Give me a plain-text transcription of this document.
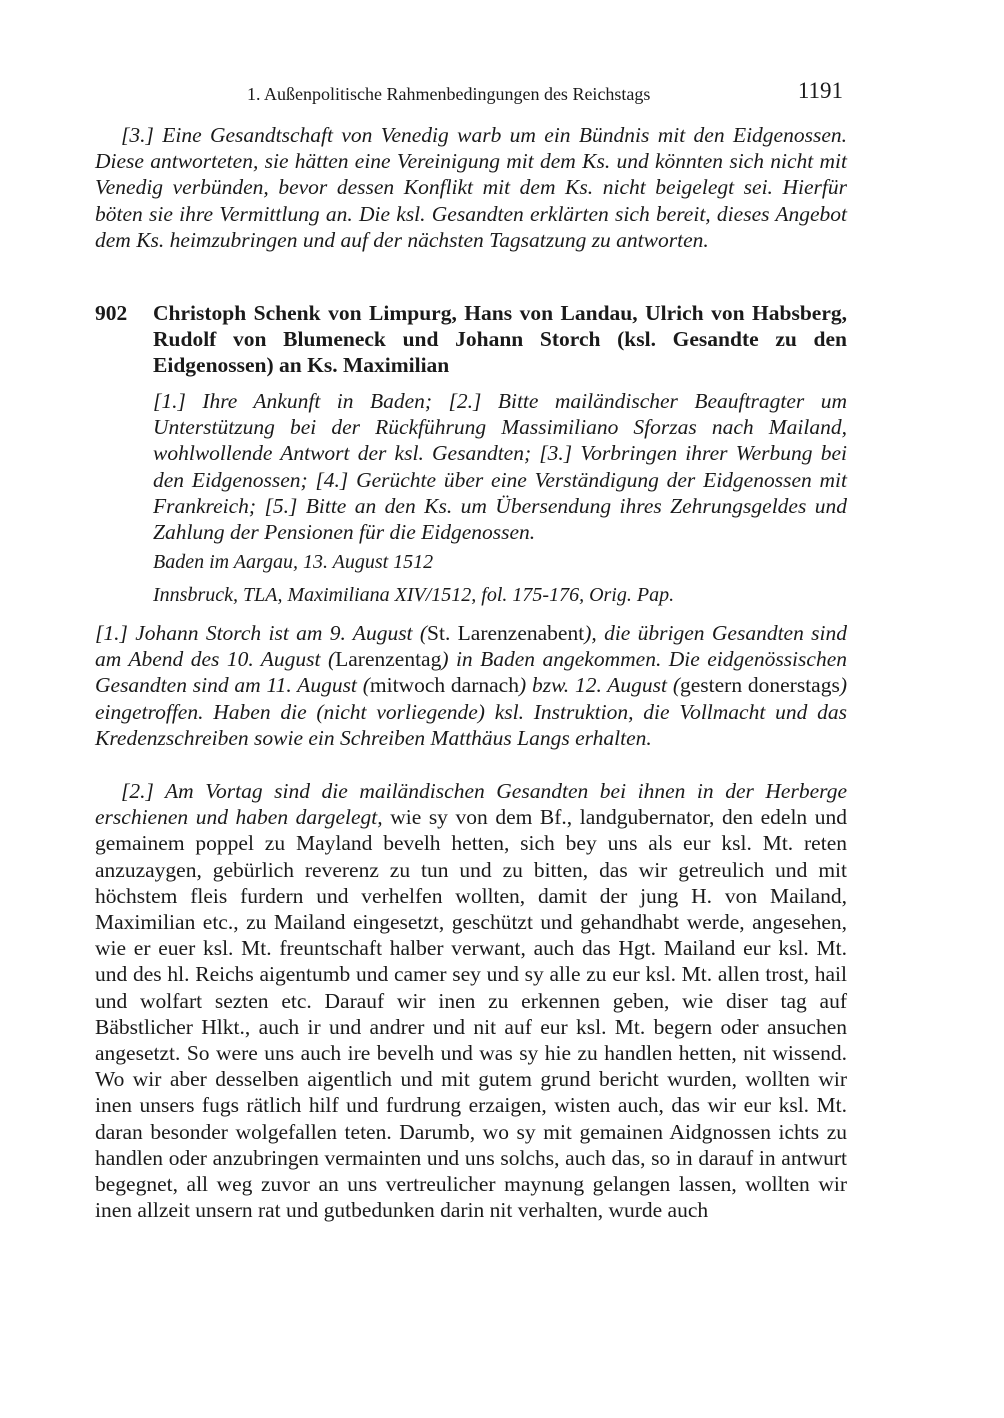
1. Außenpolitische Rahmenbedingungen des Reichstags	1191

[3.] Eine Gesandtschaft von Venedig warb um ein Bündnis mit den Eidgenossen. Diese antworteten, sie hätten eine Vereinigung mit dem Ks. und könnten sich nicht mit Venedig verbünden, bevor dessen Konflikt mit dem Ks. nicht beigelegt sei. Hierfür böten sie ihre Vermittlung an. Die ksl. Gesandten erklärten sich bereit, dieses Angebot dem Ks. heimzubringen und auf der nächsten Tagsatzung zu antworten.

902 Christoph Schenk von Limpurg, Hans von Landau, Ulrich von Habsberg, Rudolf von Blumeneck und Johann Storch (ksl. Gesandte zu den Eidgenossen) an Ks. Maximilian

[1.] Ihre Ankunft in Baden; [2.] Bitte mailändischer Beauftragter um Unterstützung bei der Rückführung Massimiliano Sforzas nach Mailand, wohlwollende Antwort der ksl. Gesandten; [3.] Vorbringen ihrer Werbung bei den Eidgenossen; [4.] Gerüchte über eine Verständigung der Eidgenossen mit Frankreich; [5.] Bitte an den Ks. um Übersendung ihres Zehrungsgeldes und Zahlung der Pensionen für die Eidgenossen.

Baden im Aargau, 13. August 1512
Innsbruck, TLA, Maximiliana XIV/1512, fol. 175-176, Orig. Pap.

[1.] Johann Storch ist am 9. August (St. Larenzenabent), die übrigen Gesandten sind am Abend des 10. August (Larenzentag) in Baden angekommen. Die eidgenössischen Gesandten sind am 11. August (mitwoch darnach) bzw. 12. August (gestern donerstags) eingetroffen. Haben die (nicht vorliegende) ksl. Instruktion, die Vollmacht und das Kredenzschreiben sowie ein Schreiben Matthäus Langs erhalten.

[2.] Am Vortag sind die mailändischen Gesandten bei ihnen in der Herberge erschienen und haben dargelegt, wie sy von dem Bf., landgubernator, den edeln und gemainem poppel zu Mayland bevelh hetten, sich bey uns als eur ksl. Mt. reten anzuzaygen, gebürlich reverenz zu tun und zu bitten, das wir getreulich und mit höchstem fleis furdern und verhelfen wollten, damit der jung H. von Mailand, Maximilian etc., zu Mailand eingesetzt, geschützt und gehandhabt werde, angesehen, wie er euer ksl. Mt. freuntschaft halber verwant, auch das Hgt. Mailand eur ksl. Mt. und des hl. Reichs aigentumb und camer sey und sy alle zu eur ksl. Mt. allen trost, hail und wolfart sezten etc. Darauf wir inen zu erkennen geben, wie diser tag auf Bäbstlicher Hlkt., auch ir und andrer und nit auf eur ksl. Mt. begern oder ansuchen angesetzt. So were uns auch ire bevelh und was sy hie zu handlen hetten, nit wissend. Wo wir aber desselben aigentlich und mit gutem grund bericht wurden, wollten wir inen unsers fugs rätlich hilf und furdrung erzaigen, wisten auch, das wir eur ksl. Mt. daran besonder wolgefallen teten. Darumb, wo sy mit gemainen Aidgnossen ichts zu handlen oder anzubringen vermainten und uns solchs, auch das, so in darauf in antwurt begegnet, all weg zuvor an uns vertreulicher maynung gelangen lassen, wollten wir inen allzeit unsern rat und gutbedunken darin nit verhalten, wurde auch
